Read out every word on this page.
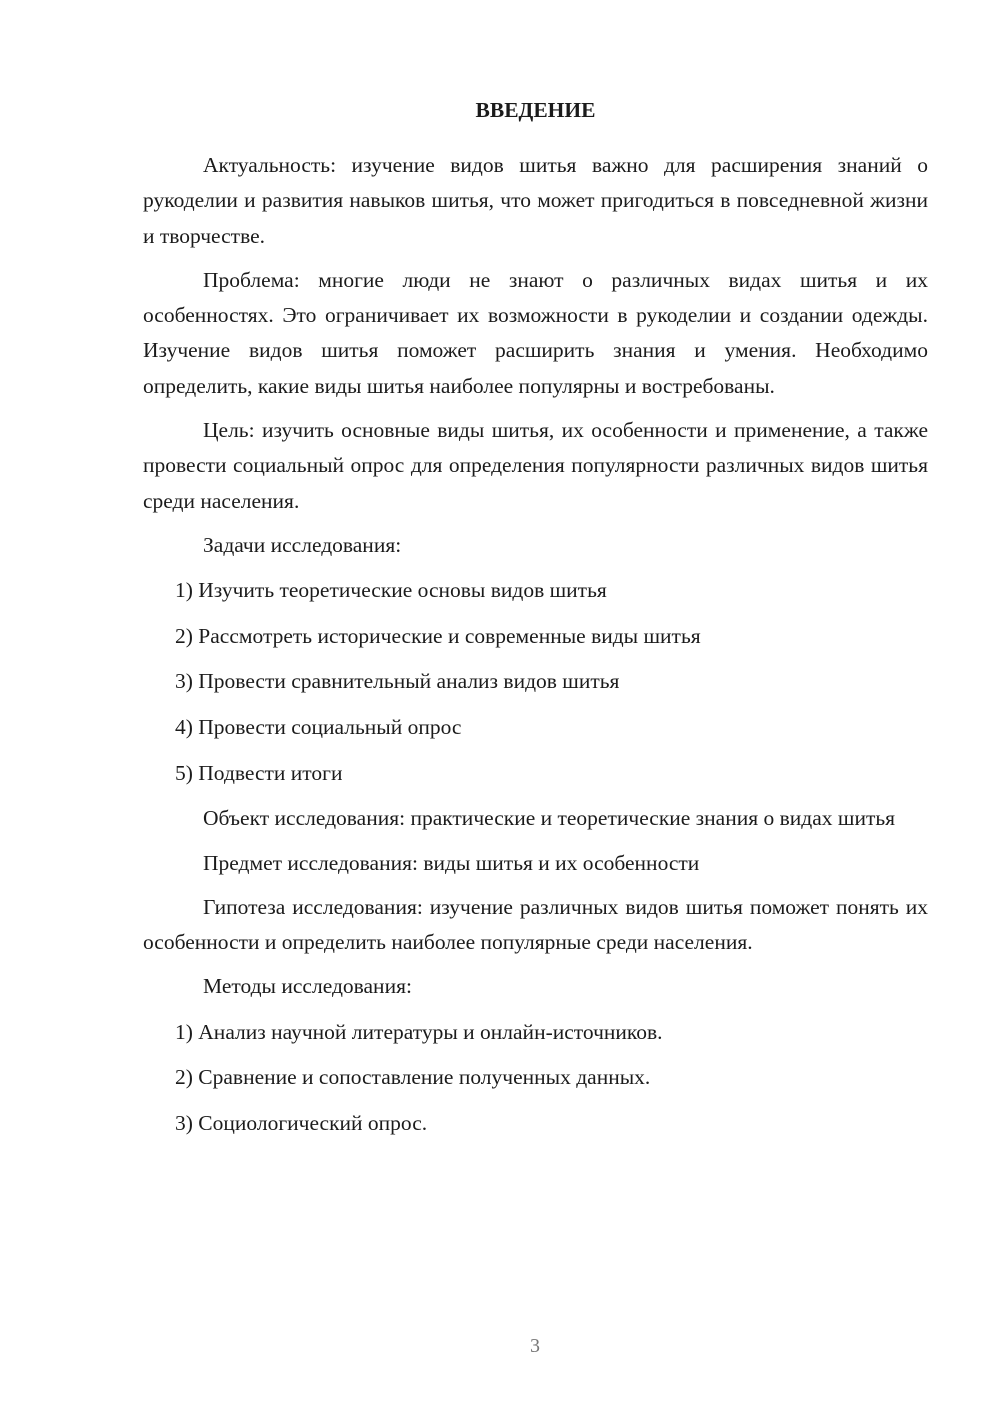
ВВЕДЕНИЕ

Актуальность: изучение видов шитья важно для расширения знаний о рукоделии и развития навыков шитья, что может пригодиться в повседневной жизни и творчестве.

Проблема: многие люди не знают о различных видах шитья и их особенностях. Это ограничивает их возможности в рукоделии и создании одежды. Изучение видов шитья поможет расширить знания и умения. Необходимо определить, какие виды шитья наиболее популярны и востребованы.

Цель: изучить основные виды шитья, их особенности и применение, а также провести социальный опрос для определения популярности различных видов шитья среди населения.

Задачи исследования:

1) Изучить теоретические основы видов шитья
2) Рассмотреть исторические и современные виды шитья
3) Провести сравнительный анализ видов шитья
4) Провести социальный опрос
5) Подвести итоги

Объект исследования: практические и теоретические знания о видах шитья

Предмет исследования: виды шитья и их особенности

Гипотеза исследования: изучение различных видов шитья поможет понять их особенности и определить наиболее популярные среди населения.

Методы исследования:

1) Анализ научной литературы и онлайн-источников.
2) Сравнение и сопоставление полученных данных.
3) Социологический опрос.
3
